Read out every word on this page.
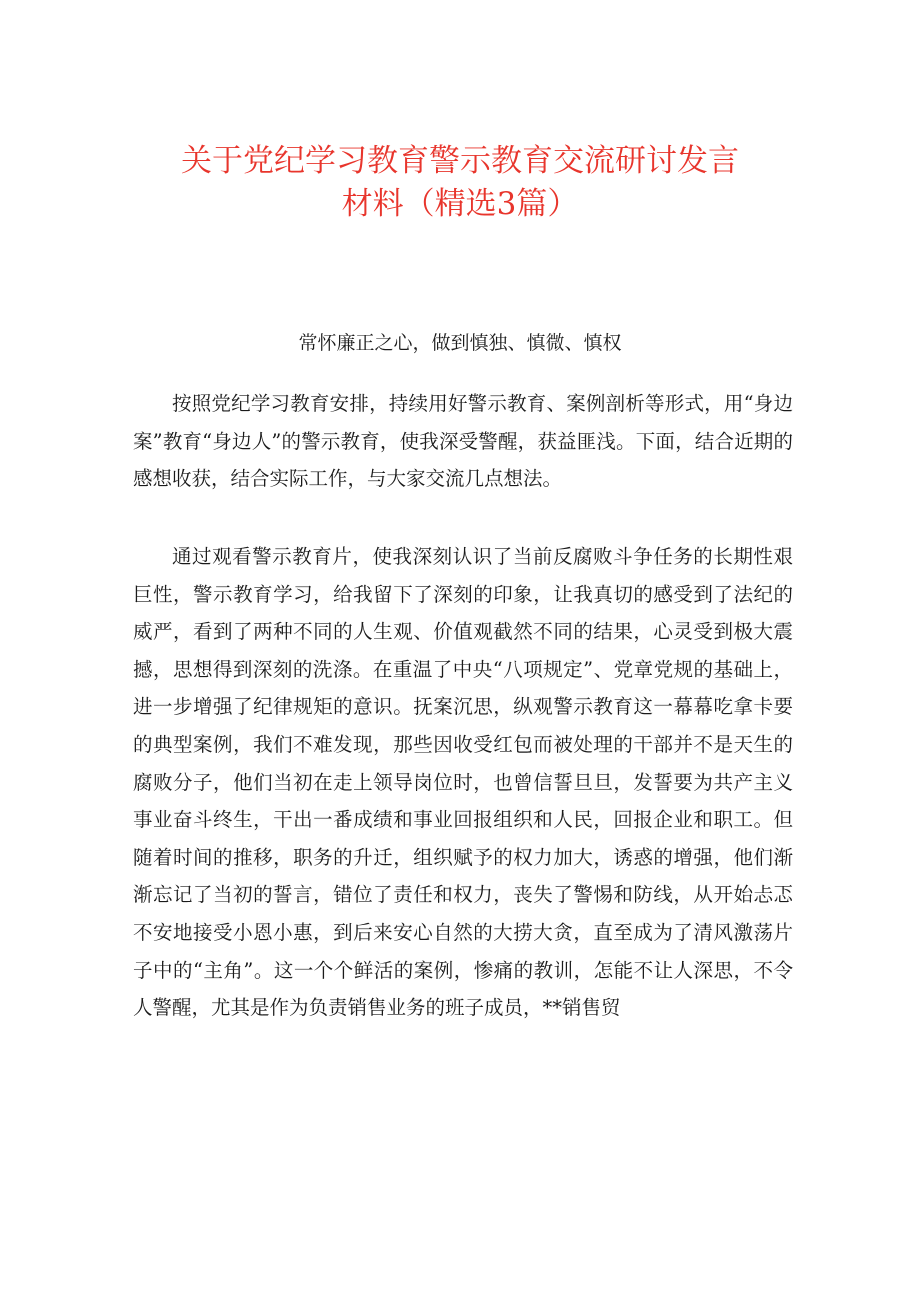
关于党纪学习教育警示教育交流研讨发言
材料（精选3篇）

常怀廉正之心，做到慎独、慎微、慎权

按照党纪学习教育安排，持续用好警示教育、案例剖析等形式，用“身边案”教育“身边人”的警示教育，使我深受警醒，获益匪浅。下面，结合近期的感想收获，结合实际工作，与大家交流几点想法。

通过观看警示教育片，使我深刻认识了当前反腐败斗争任务的长期性艰巨性，警示教育学习，给我留下了深刻的印象，让我真切的感受到了法纪的威严，看到了两种不同的人生观、价值观截然不同的结果，心灵受到极大震撼，思想得到深刻的洗涤。在重温了中央“八项规定”、党章党规的基础上，进一步增强了纪律规矩的意识。抚案沉思，纵观警示教育这一幕幕吃拿卡要的典型案例，我们不难发现，那些因收受红包而被处理的干部并不是天生的腐败分子，他们当初在走上领导岗位时，也曾信誓旦旦，发誓要为共产主义事业奋斗终生，干出一番成绩和事业回报组织和人民，回报企业和职工。但随着时间的推移，职务的升迁，组织赋予的权力加大，诱惑的增强，他们渐渐忘记了当初的誓言，错位了责任和权力，丧失了警惕和防线，从开始忐忑不安地接受小恩小惠，到后来安心自然的大捞大贪，直至成为了清风激荡片子中的“主角”。这一个个鲜活的案例，惨痛的教训，怎能不让人深思，不令人警醒，尤其是作为负责销售业务的班子成员，**销售贸
